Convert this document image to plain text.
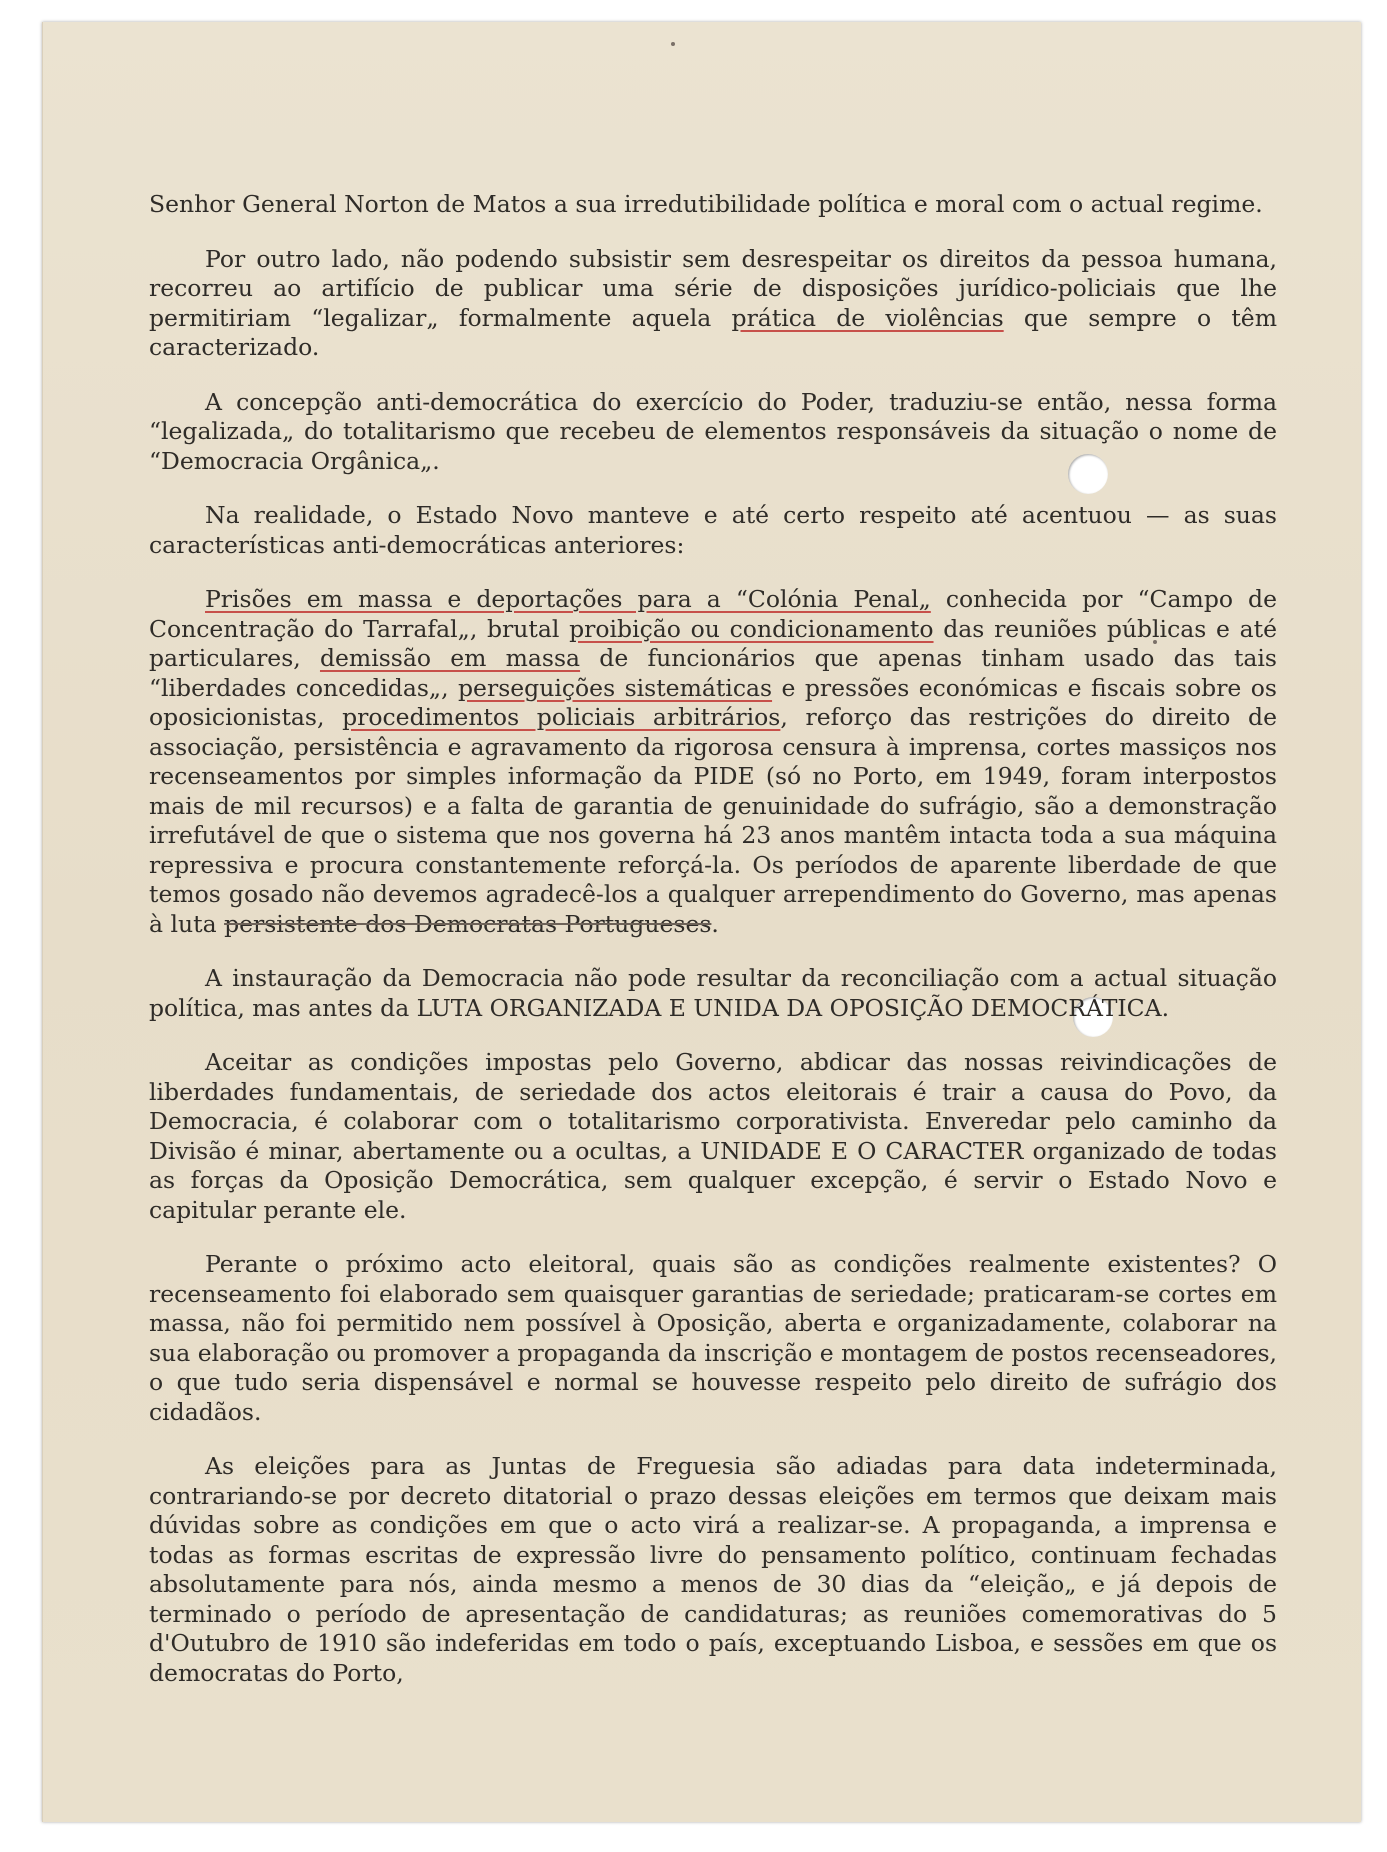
Senhor General Norton de Matos a sua irredutibilidade política e moral com o actual regime.

Por outro lado, não podendo subsistir sem desrespeitar os direitos da pessoa humana, recorreu ao artifício de publicar uma série de disposições jurídico-policiais que lhe permitiriam “legalizar„ formalmente aquela prática de violências que sempre o têm caracterizado.

A concepção anti-democrática do exercício do Poder, traduziu-se então, nessa forma “legalizada„ do totalitarismo que recebeu de elementos responsáveis da situação o nome de “Democracia Orgânica„.

Na realidade, o Estado Novo manteve e até certo respeito até acentuou — as suas características anti-democráticas anteriores:

Prisões em massa e deportações para a “Colónia Penal„ conhecida por “Campo de Concentração do Tarrafal„, brutal proibição ou condicionamento das reuniões públicas e até particulares, demissão em massa de funcionários que apenas tinham usado das tais “liberdades concedidas„, perseguições sistemáticas e pressões económicas e fiscais sobre os oposicionistas, procedimentos policiais arbitrários, reforço das restrições do direito de associação, persistência e agravamento da rigorosa censura à imprensa, cortes massiços nos recenseamentos por simples informação da PIDE (só no Porto, em 1949, foram interpostos mais de mil recursos) e a falta de garantia de genuinidade do sufrágio, são a demonstração irrefutável de que o sistema que nos governa há 23 anos mantêm intacta toda a sua máquina repressiva e procura constantemente reforçá-la. Os períodos de aparente liberdade de que temos gosado não devemos agradecê-los a qualquer arrependimento do Governo, mas apenas à luta persistente dos Democratas Portugueses.

A instauração da Democracia não pode resultar da reconciliação com a actual situação política, mas antes da LUTA ORGANIZADA E UNIDA DA OPOSIÇÃO DEMOCRÁTICA.

Aceitar as condições impostas pelo Governo, abdicar das nossas reivindicações de liberdades fundamentais, de seriedade dos actos eleitorais é trair a causa do Povo, da Democracia, é colaborar com o totalitarismo corporativista. Enveredar pelo caminho da Divisão é minar, abertamente ou a ocultas, a UNIDADE E O CARACTER organizado de todas as forças da Oposição Democrática, sem qualquer excepção, é servir o Estado Novo e capitular perante ele.

Perante o próximo acto eleitoral, quais são as condições realmente existentes? O recenseamento foi elaborado sem quaisquer garantias de seriedade; praticaram-se cortes em massa, não foi permitido nem possível à Oposição, aberta e organizadamente, colaborar na sua elaboração ou promover a propaganda da inscrição e montagem de postos recenseadores, o que tudo seria dispensável e normal se houvesse respeito pelo direito de sufrágio dos cidadãos.

As eleições para as Juntas de Freguesia são adiadas para data indeterminada, contrariando-se por decreto ditatorial o prazo dessas eleições em termos que deixam mais dúvidas sobre as condições em que o acto virá a realizar-se. A propaganda, a imprensa e todas as formas escritas de expressão livre do pensamento político, continuam fechadas absolutamente para nós, ainda mesmo a menos de 30 dias da “eleição„ e já depois de terminado o período de apresentação de candidaturas; as reuniões comemorativas do 5 d'Outubro de 1910 são indeferidas em todo o país, exceptuando Lisboa, e sessões em que os democratas do Porto,
